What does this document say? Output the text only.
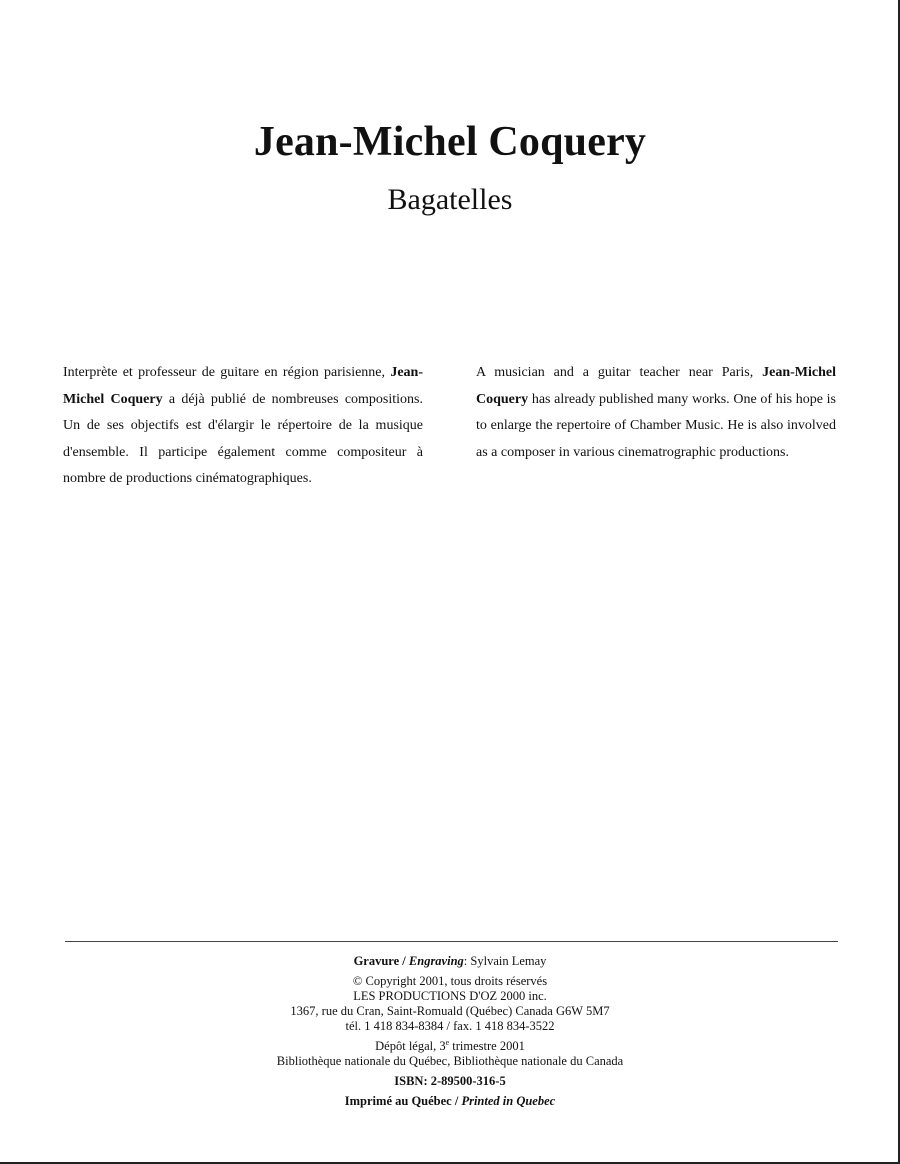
Jean-Michel Coquery
Bagatelles
Interprète et professeur de guitare en région parisienne, Jean-Michel Coquery a déjà publié de nombreuses compositions. Un de ses objectifs est d'élargir le répertoire de la musique d'ensemble. Il participe également comme compositeur à nombre de productions cinématographiques.
A musician and a guitar teacher near Paris, Jean-Michel Coquery has already published many works. One of his hope is to enlarge the repertoire of Chamber Music. He is also involved as a composer in various cinematrographic productions.
Gravure / Engraving: Sylvain Lemay
© Copyright 2001, tous droits réservés
LES PRODUCTIONS D'OZ 2000 inc.
1367, rue du Cran, Saint-Romuald (Québec) Canada G6W 5M7
tél. 1 418 834-8384 / fax. 1 418 834-3522
Dépôt légal, 3e trimestre 2001
Bibliothèque nationale du Québec, Bibliothèque nationale du Canada
ISBN: 2-89500-316-5
Imprimé au Québec / Printed in Quebec
